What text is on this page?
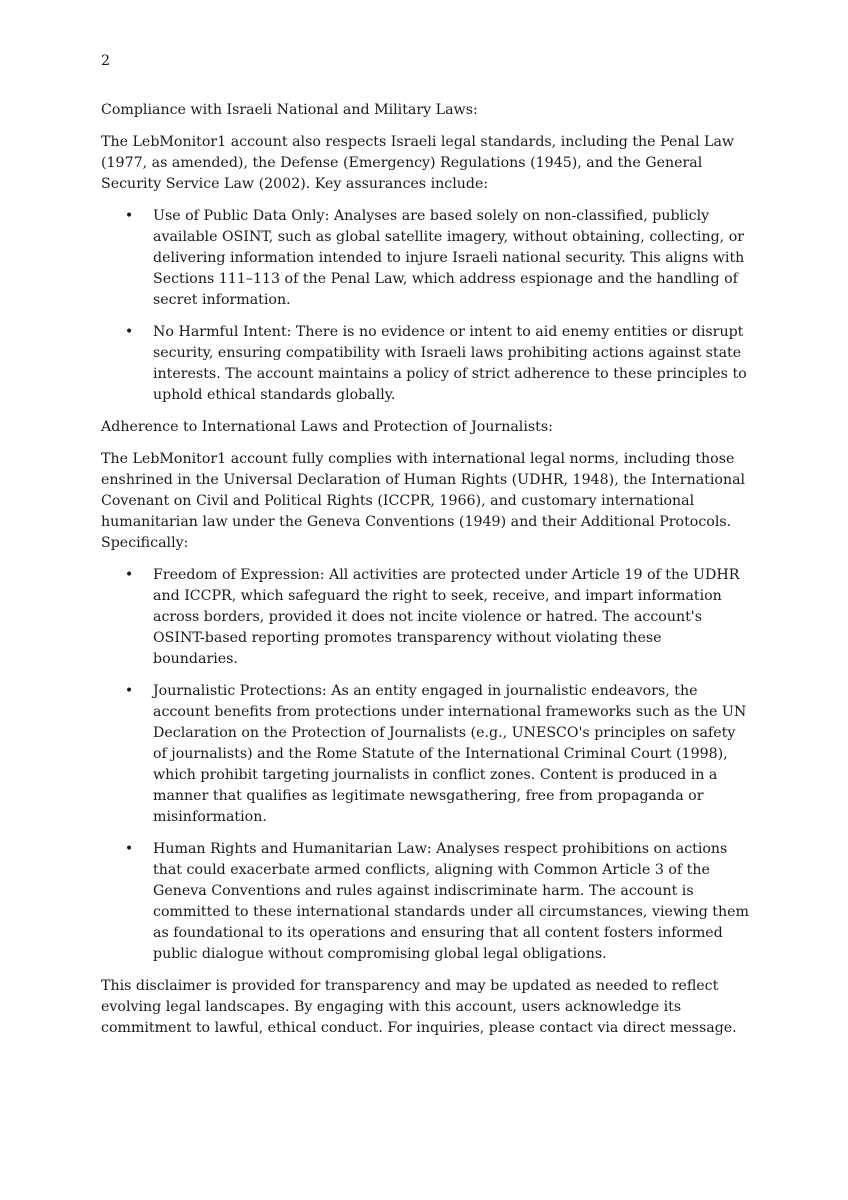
2

Compliance with Israeli National and Military Laws:

The LebMonitor1 account also respects Israeli legal standards, including the Penal Law (1977, as amended), the Defense (Emergency) Regulations (1945), and the General Security Service Law (2002). Key assurances include:

• Use of Public Data Only: Analyses are based solely on non-classified, publicly available OSINT, such as global satellite imagery, without obtaining, collecting, or delivering information intended to injure Israeli national security. This aligns with Sections 111–113 of the Penal Law, which address espionage and the handling of secret information.
• No Harmful Intent: There is no evidence or intent to aid enemy entities or disrupt security, ensuring compatibility with Israeli laws prohibiting actions against state interests. The account maintains a policy of strict adherence to these principles to uphold ethical standards globally.

Adherence to International Laws and Protection of Journalists:

The LebMonitor1 account fully complies with international legal norms, including those enshrined in the Universal Declaration of Human Rights (UDHR, 1948), the International Covenant on Civil and Political Rights (ICCPR, 1966), and customary international humanitarian law under the Geneva Conventions (1949) and their Additional Protocols. Specifically:

• Freedom of Expression: All activities are protected under Article 19 of the UDHR and ICCPR, which safeguard the right to seek, receive, and impart information across borders, provided it does not incite violence or hatred. The account's OSINT-based reporting promotes transparency without violating these boundaries.
• Journalistic Protections: As an entity engaged in journalistic endeavors, the account benefits from protections under international frameworks such as the UN Declaration on the Protection of Journalists (e.g., UNESCO's principles on safety of journalists) and the Rome Statute of the International Criminal Court (1998), which prohibit targeting journalists in conflict zones. Content is produced in a manner that qualifies as legitimate newsgathering, free from propaganda or misinformation.
• Human Rights and Humanitarian Law: Analyses respect prohibitions on actions that could exacerbate armed conflicts, aligning with Common Article 3 of the Geneva Conventions and rules against indiscriminate harm. The account is committed to these international standards under all circumstances, viewing them as foundational to its operations and ensuring that all content fosters informed public dialogue without compromising global legal obligations.

This disclaimer is provided for transparency and may be updated as needed to reflect evolving legal landscapes. By engaging with this account, users acknowledge its commitment to lawful, ethical conduct. For inquiries, please contact via direct message.
